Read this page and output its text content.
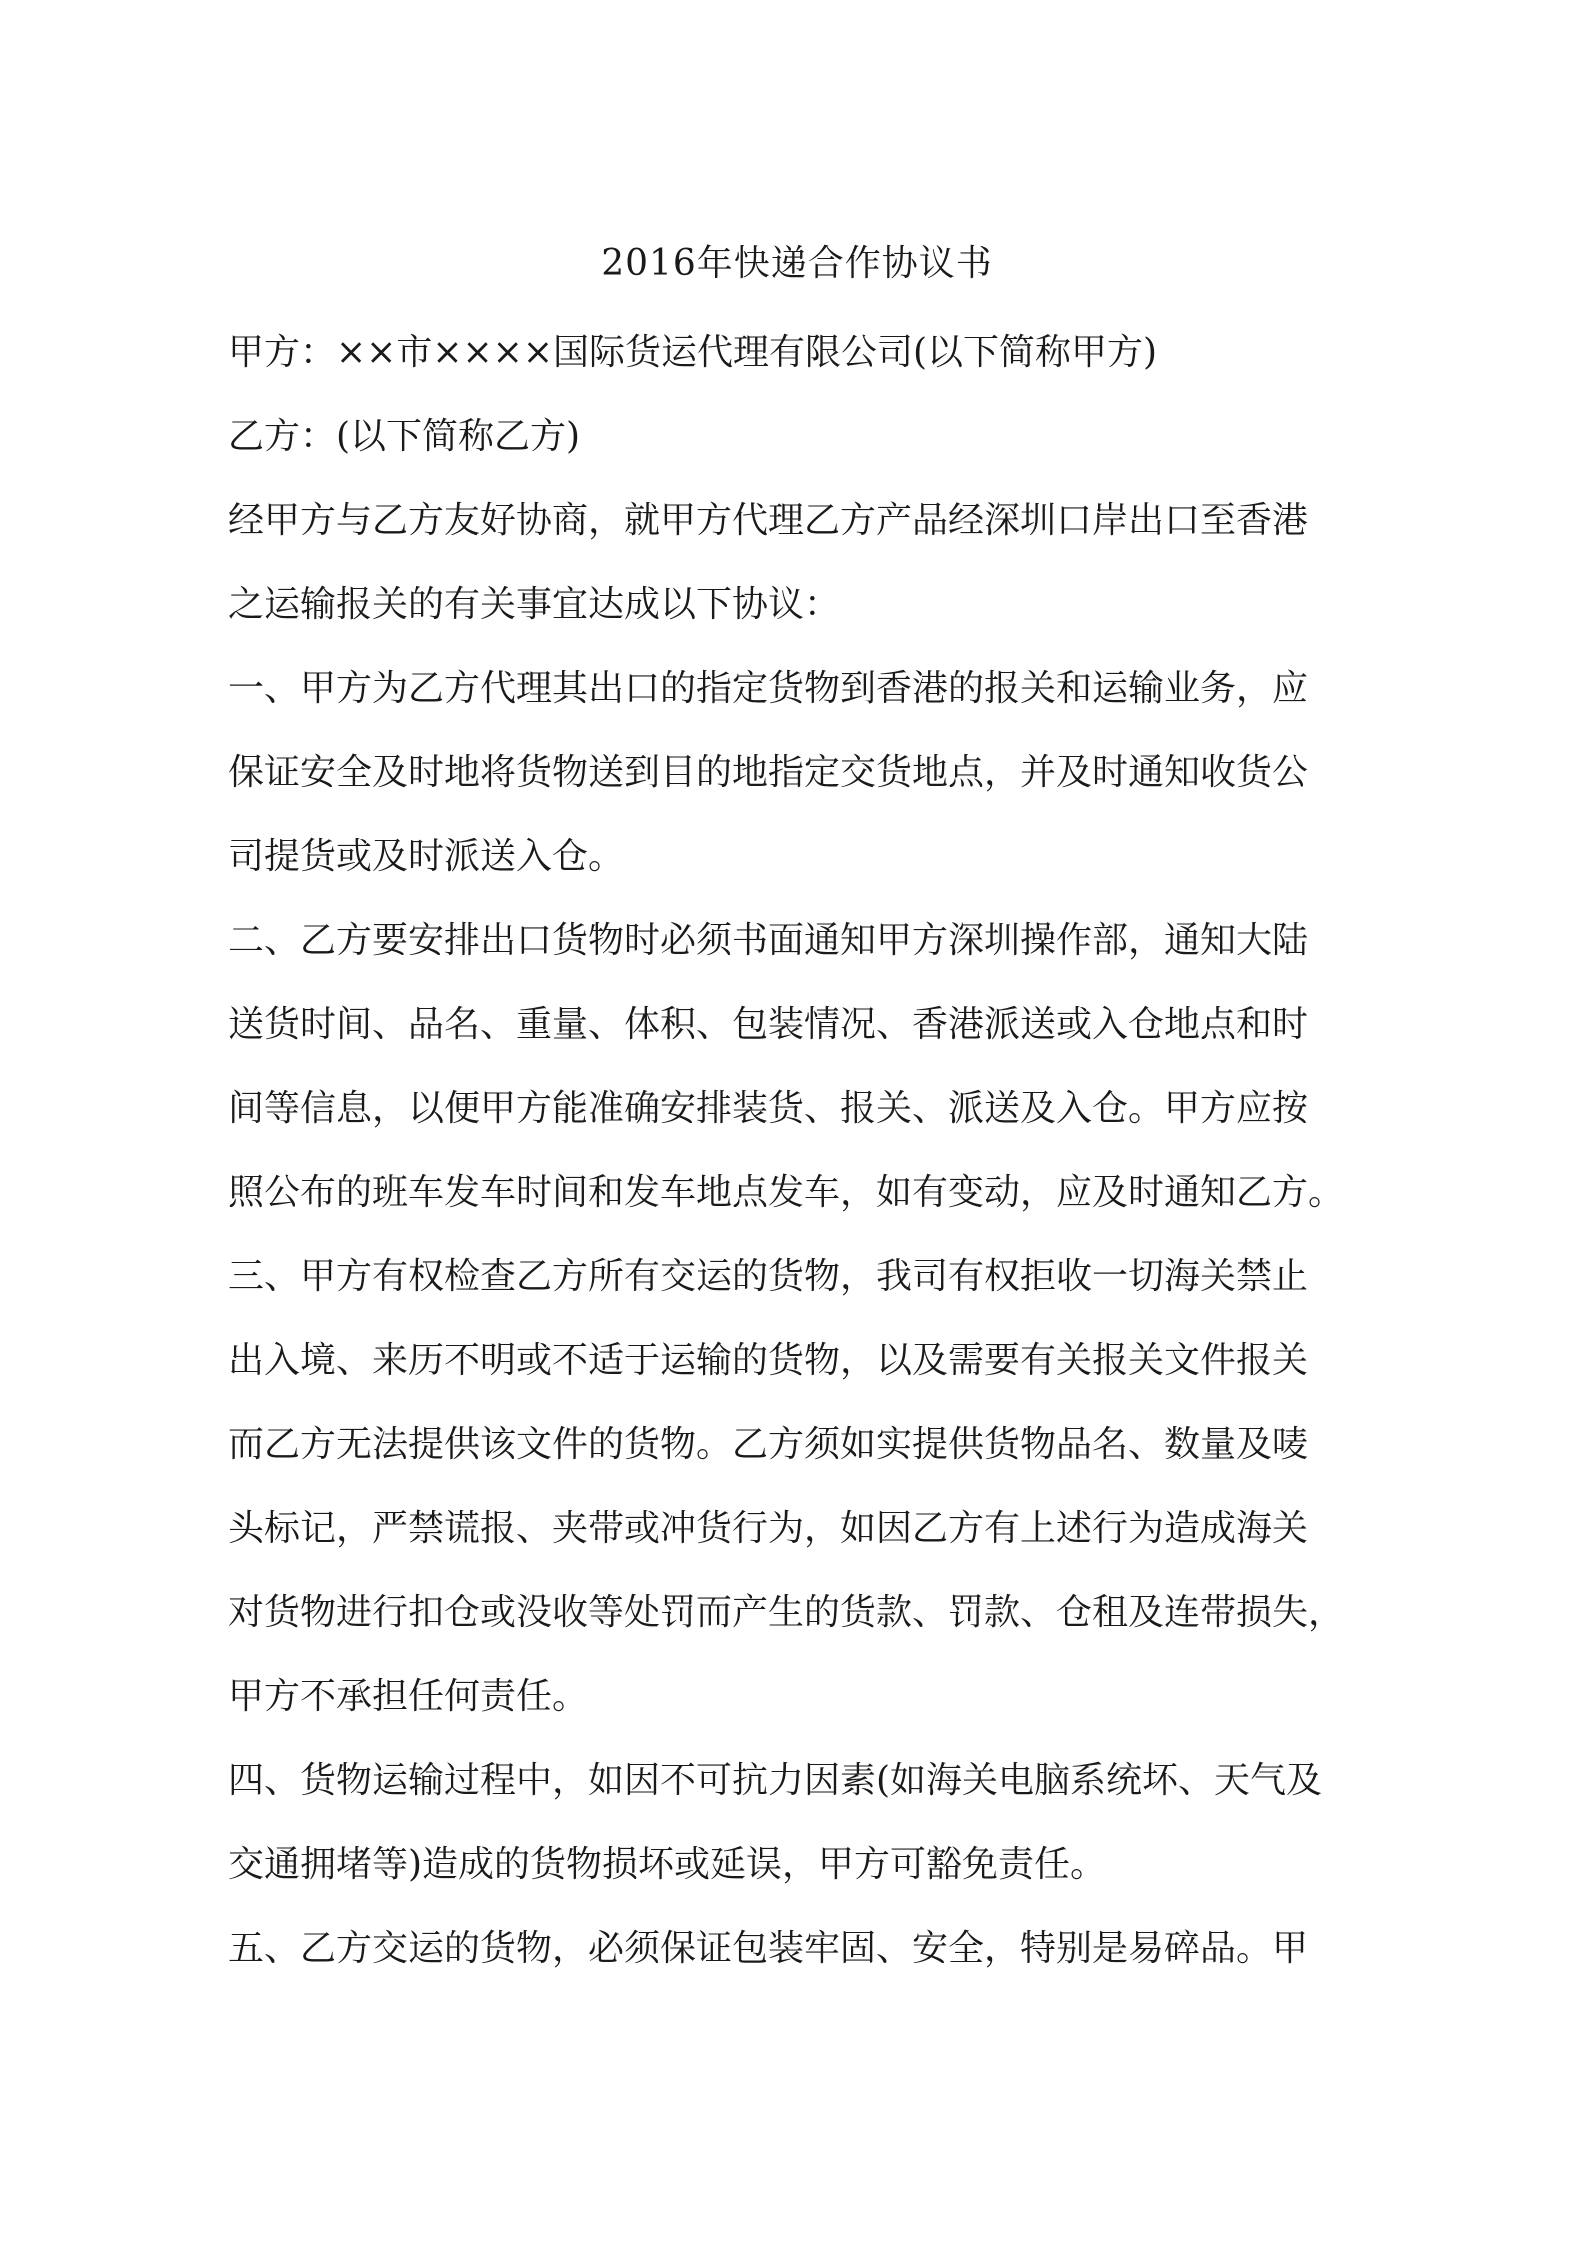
2016年快递合作协议书

甲方：××市××××国际货运代理有限公司(以下简称甲方)

乙方：(以下简称乙方)

经甲方与乙方友好协商，就甲方代理乙方产品经深圳口岸出口至香港

之运输报关的有关事宜达成以下协议：

一、甲方为乙方代理其出口的指定货物到香港的报关和运输业务，应

保证安全及时地将货物送到目的地指定交货地点，并及时通知收货公

司提货或及时派送入仓。

二、乙方要安排出口货物时必须书面通知甲方深圳操作部，通知大陆

送货时间、品名、重量、体积、包装情况、香港派送或入仓地点和时

间等信息，以便甲方能准确安排装货、报关、派送及入仓。甲方应按

照公布的班车发车时间和发车地点发车，如有变动，应及时通知乙方。

三、甲方有权检查乙方所有交运的货物，我司有权拒收一切海关禁止

出入境、来历不明或不适于运输的货物，以及需要有关报关文件报关

而乙方无法提供该文件的货物。乙方须如实提供货物品名、数量及唛

头标记，严禁谎报、夹带或冲货行为，如因乙方有上述行为造成海关

对货物进行扣仓或没收等处罚而产生的货款、罚款、仓租及连带损失，

甲方不承担任何责任。

四、货物运输过程中，如因不可抗力因素(如海关电脑系统坏、天气及

交通拥堵等)造成的货物损坏或延误，甲方可豁免责任。

五、乙方交运的货物，必须保证包装牢固、安全，特别是易碎品。甲
